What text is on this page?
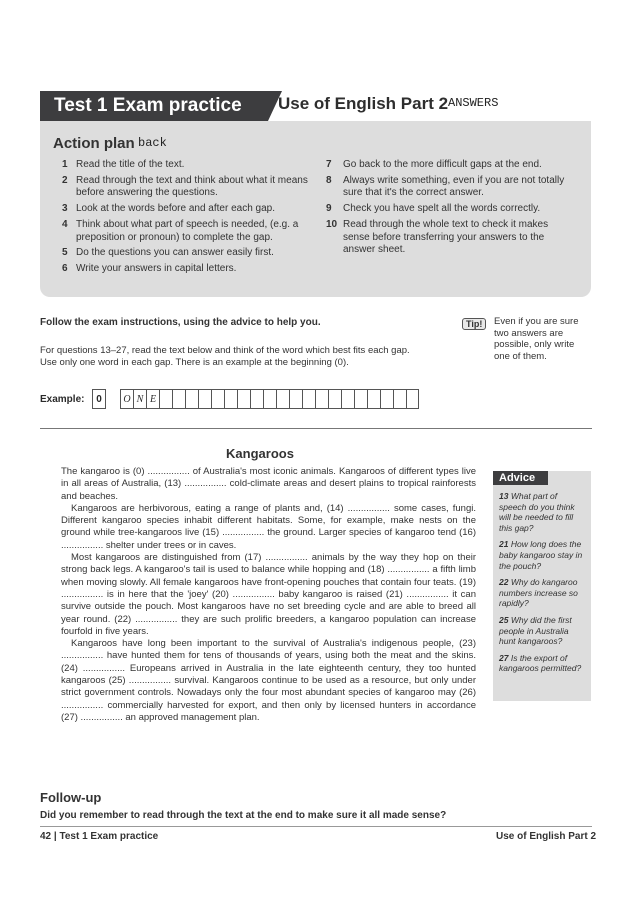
Test 1 Exam practice	Use of English Part 2 ANSWERS
Action plan back
1 Read the title of the text.
2 Read through the text and think about what it means before answering the questions.
3 Look at the words before and after each gap.
4 Think about what part of speech is needed, (e.g. a preposition or pronoun) to complete the gap.
5 Do the questions you can answer easily first.
6 Write your answers in capital letters.
7 Go back to the more difficult gaps at the end.
8 Always write something, even if you are not totally sure that it's the correct answer.
9 Check you have spelt all the words correctly.
10 Read through the whole text to check it makes sense before transferring your answers to the answer sheet.
Follow the exam instructions, using the advice to help you.	Tip!	Even if you are sure two answers are possible, only write one of them.
For questions 13–27, read the text below and think of the word which best fits each gap.
Use only one word in each gap. There is an example at the beginning (0).
Example:	0	O N E
Kangaroos

The kangaroo is (0) ................ of Australia's most iconic animals. Kangaroos of different types live in all areas of Australia, (13) ................ cold-climate areas and desert plains to tropical rainforests and beaches.

Kangaroos are herbivorous, eating a range of plants and, (14) ................ some cases, fungi. Different kangaroo species inhabit different habitats. Some, for example, make nests on the ground while tree-kangaroos live (15) ................ the ground. Larger species of kangaroo tend (16) ................ shelter under trees or in caves.

Most kangaroos are distinguished from (17) ................ animals by the way they hop on their strong back legs. A kangaroo's tail is used to balance while hopping and (18) ................ a fifth limb when moving slowly. All female kangaroos have front-opening pouches that contain four teats. (19) ................ is in here that the 'joey' (20) ................ baby kangaroo is raised (21) ................ it can survive outside the pouch. Most kangaroos have no set breeding cycle and are able to breed all year round. (22) ................ they are such prolific breeders, a kangaroo population can increase fourfold in five years.

Kangaroos have long been important to the survival of Australia's indigenous people, (23) ................ have hunted them for tens of thousands of years, using both the meat and the skins. (24) ................ Europeans arrived in Australia in the late eighteenth century, they too hunted kangaroos (25) ................ survival. Kangaroos continue to be used as a resource, but only under strict government controls. Nowadays only the four most abundant species of kangaroo may (26) ................ commercially harvested for export, and then only by licensed hunters in accordance (27) ................ an approved management plan.

Advice
13 What part of speech do you think will be needed to fill this gap?
21 How long does the baby kangaroo stay in the pouch?
22 Why do kangaroo numbers increase so rapidly?
25 Why did the first people in Australia hunt kangaroos?
27 Is the export of kangaroos permitted?
Follow-up
Did you remember to read through the text at the end to make sure it all made sense?
42 | Test 1 Exam practice	Use of English Part 2
